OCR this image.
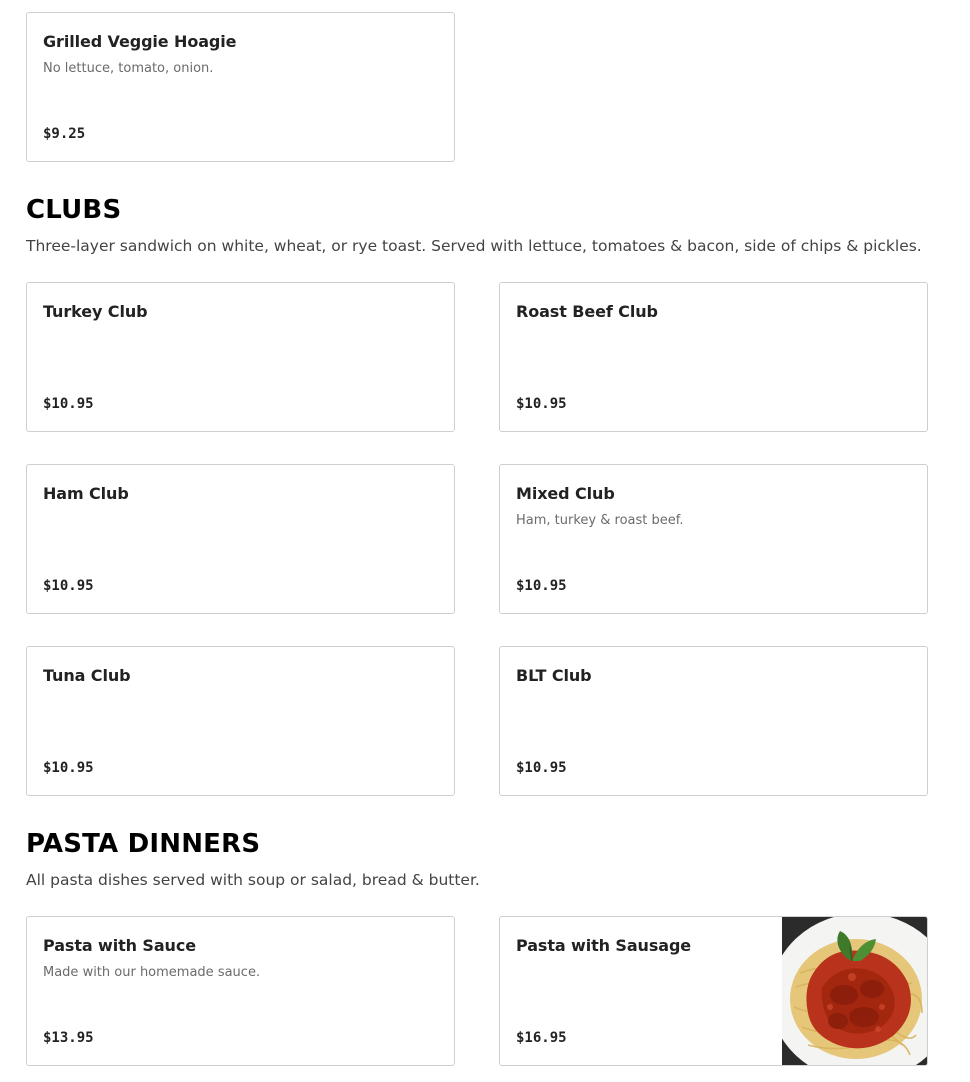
Grilled Veggie Hoagie
No lettuce, tomato, onion.
$9.25
CLUBS
Three-layer sandwich on white, wheat, or rye toast. Served with lettuce, tomatoes & bacon, side of chips & pickles.
Turkey Club
$10.95
Roast Beef Club
$10.95
Ham Club
$10.95
Mixed Club
Ham, turkey & roast beef.
$10.95
Tuna Club
$10.95
BLT Club
$10.95
PASTA DINNERS
All pasta dishes served with soup or salad, bread & butter.
Pasta with Sauce
Made with our homemade sauce.
$13.95
Pasta with Sausage
$16.95
